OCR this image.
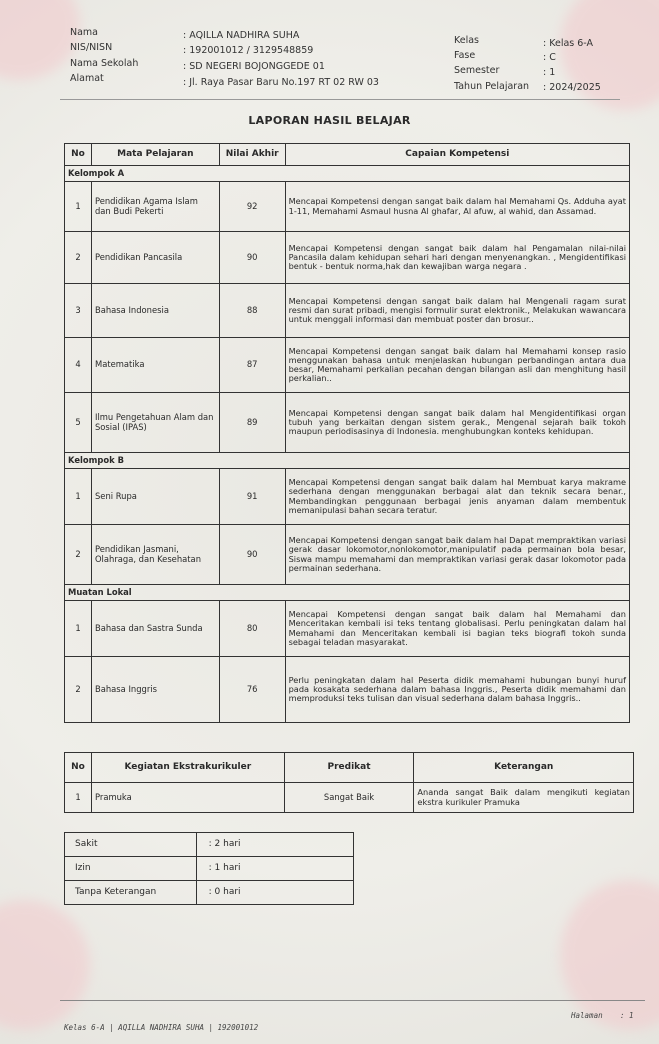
Nama	: AQILLA NADHIRA SUHA
NIS/NISN	: 192001012 / 3129548859
Nama Sekolah	: SD NEGERI BOJONGGEDE 01
Alamat	: Jl. Raya Pasar Baru No.197 RT 02 RW 03
Kelas	: Kelas 6-A
Fase	: C
Semester	: 1
Tahun Pelajaran : 2024/2025
LAPORAN HASIL BELAJAR
No	Mata Pelajaran	Nilai Akhir	Capaian Kompetensi
Kelompok A			
1	Pendidikan Agama Islam dan Budi Pekerti	92	Mencapai Kompetensi dengan sangat baik dalam hal Memahami Qs. Adduha ayat 1-11, Memahami Asmaul husna Al ghafar, Al afuw, al wahid, dan Assamad.
2	Pendidikan Pancasila	90	Mencapai Kompetensi dengan sangat baik dalam hal Pengamalan nilai-nilai Pancasila dalam kehidupan sehari hari dengan menyenangkan. , Mengidentifikasi bentuk - bentuk norma,hak dan kewajiban warga negara .
3	Bahasa Indonesia	88	Mencapai Kompetensi dengan sangat baik dalam hal Mengenali ragam surat resmi dan surat pribadi, mengisi formulir surat elektronik., Melakukan wawancara untuk menggali informasi dan membuat poster dan brosur..
4	Matematika	87	Mencapai Kompetensi dengan sangat baik dalam hal Memahami konsep rasio menggunakan bahasa untuk menjelaskan hubungan perbandingan antara dua besar, Memahami perkalian pecahan dengan bilangan asli dan menghitung hasil perkalian..
5	Ilmu Pengetahuan Alam dan Sosial (IPAS)	89	Mencapai Kompetensi dengan sangat baik dalam hal Mengidentifikasi organ tubuh yang berkaitan dengan sistem gerak., Mengenal sejarah baik tokoh maupun periodisasinya di Indonesia. menghubungkan konteks kehidupan.
Kelompok B			
1	Seni Rupa	91	Mencapai Kompetensi dengan sangat baik dalam hal Membuat karya makrame sederhana dengan menggunakan berbagai alat dan teknik secara benar., Membandingkan penggunaan berbagai jenis anyaman dalam membentuk memanipulasi bahan secara teratur.
2	Pendidikan Jasmani, Olahraga, dan Kesehatan	90	Mencapai Kompetensi dengan sangat baik dalam hal Dapat mempraktikan variasi gerak dasar lokomotor,nonlokomotor,manipulatif pada permainan bola besar, Siswa mampu memahami dan mempraktikan variasi gerak dasar lokomotor pada permainan sederhana.
Muatan Lokal			
1	Bahasa dan Sastra Sunda	80	Mencapai Kompetensi dengan sangat baik dalam hal Memahami dan Menceritakan kembali isi teks tentang globalisasi. Perlu peningkatan dalam hal Memahami dan Menceritakan kembali isi bagian teks biografi tokoh sunda sebagai teladan masyarakat.
2	Bahasa Inggris	76	Perlu peningkatan dalam hal Peserta didik memahami hubungan bunyi huruf pada kosakata sederhana dalam bahasa Inggris., Peserta didik memahami dan memproduksi teks tulisan dan visual sederhana dalam bahasa Inggris..
No	Kegiatan Ekstrakurikuler	Predikat	Keterangan
1	Pramuka	Sangat Baik	Ananda sangat Baik dalam mengikuti kegiatan ekstra kurikuler Pramuka
Sakit	: 2 hari
Izin	: 1 hari
Tanpa Keterangan	: 0 hari
Kelas 6-A | AQILLA NADHIRA SUHA | 192001012
Halaman : 1
